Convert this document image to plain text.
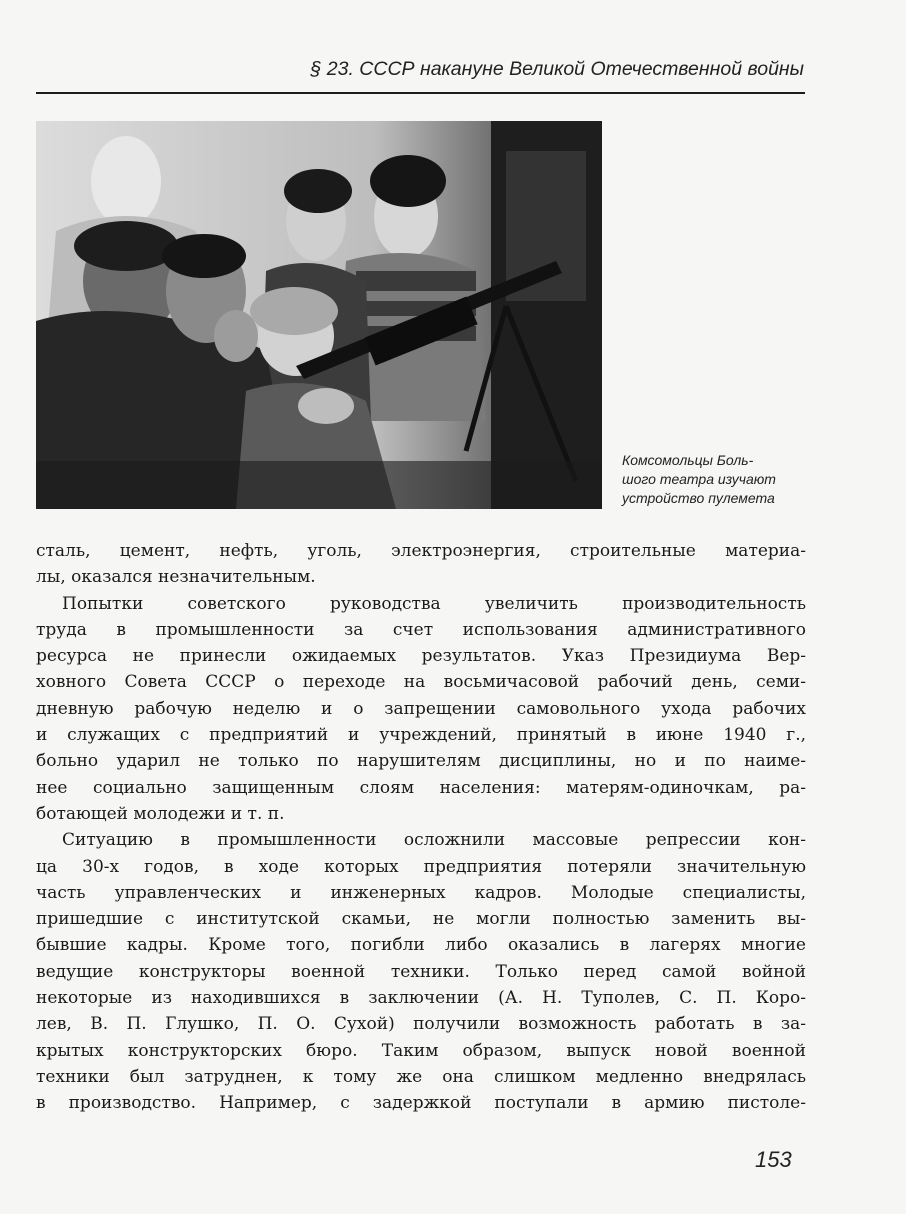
§ 23. СССР накануне Великой Отечественной войны
Комсомольцы Боль-
шого театра изучают
устройство пулемета
сталь, цемент, нефть, уголь, электроэнергия, строительные материа-
лы, оказался незначительным.
Попытки советского руководства увеличить производительность
труда в промышленности за счет использования административного
ресурса не принесли ожидаемых результатов. Указ Президиума Вер-
ховного Совета СССР о переходе на восьмичасовой рабочий день, семи-
дневную рабочую неделю и о запрещении самовольного ухода рабочих
и служащих с предприятий и учреждений, принятый в июне 1940 г.,
больно ударил не только по нарушителям дисциплины, но и по наиме-
нее социально защищенным слоям населения: матерям-одиночкам, ра-
ботающей молодежи и т. п.
Ситуацию в промышленности осложнили массовые репрессии кон-
ца 30-х годов, в ходе которых предприятия потеряли значительную
часть управленческих и инженерных кадров. Молодые специалисты,
пришедшие с институтской скамьи, не могли полностью заменить вы-
бывшие кадры. Кроме того, погибли либо оказались в лагерях многие
ведущие конструкторы военной техники. Только перед самой войной
некоторые из находившихся в заключении (А. Н. Туполев, С. П. Коро-
лев, В. П. Глушко, П. О. Сухой) получили возможность работать в за-
крытых конструкторских бюро. Таким образом, выпуск новой военной
техники был затруднен, к тому же она слишком медленно внедрялась
в производство. Например, с задержкой поступали в армию пистоле-
153
